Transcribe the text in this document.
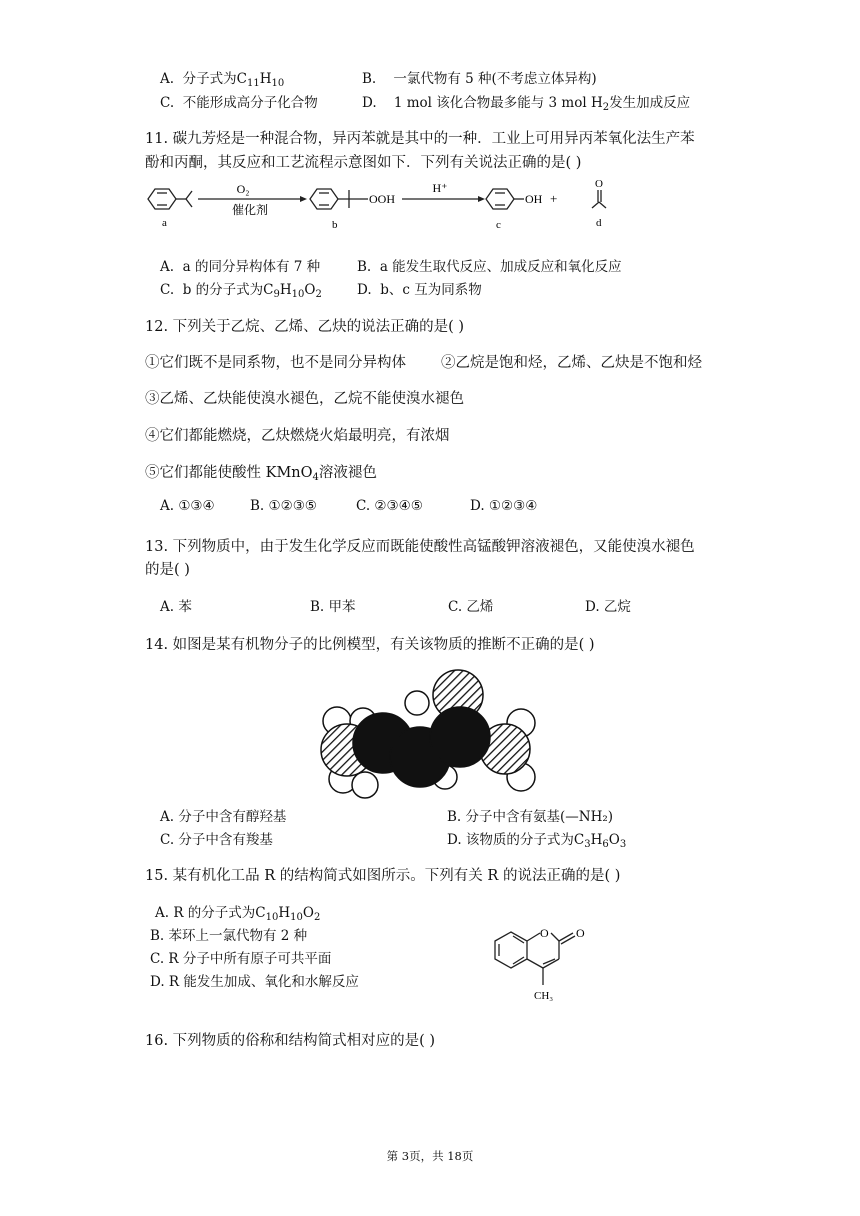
A. 分子式为$C_{11}H_{10}$	B. 一氯代物有 5 种(不考虑立体异构)
C. 不能形成高分子化合物	D. 1 mol 该化合物最多能与 3 mol $H_2$发生加成反应
11. 碳九芳烃是一种混合物，异丙苯就是其中的一种．工业上可用异丙苯氧化法生产苯
酚和丙酮，其反应和工艺流程示意图如下．下列有关说法正确的是( )
a
O₂
催化剂
OOH
b
H⁺
OH
c
+
O
d
A. a 的同分异构体有 7 种	B. a 能发生取代反应、加成反应和氧化反应
C. b 的分子式为$C_9H_{10}O_2$	D. b、c 互为同系物
12. 下列关于乙烷、乙烯、乙炔的说法正确的是( )
①它们既不是同系物，也不是同分异构体 ②乙烷是饱和烃，乙烯、乙炔是不饱和烃
③乙烯、乙炔能使溴水褪色，乙烷不能使溴水褪色
④它们都能燃烧，乙炔燃烧火焰最明亮，有浓烟
⑤它们都能使酸性 KMnO$_4$溶液褪色
A. ①③④	B. ①②③⑤	C. ②③④⑤	D. ①②③④
13. 下列物质中，由于发生化学反应而既能使酸性高锰酸钾溶液褪色，又能使溴水褪色
的是( )
A. 苯	B. 甲苯	C. 乙烯	D. 乙烷
14. 如图是某有机物分子的比例模型，有关该物质的推断不正确的是( )
A. 分子中含有醇羟基	B. 分子中含有氨基(—NH₂)
C. 分子中含有羧基	D. 该物质的分子式为$C_3H_6O_3$
15. 某有机化工品 R 的结构简式如图所示。下列有关 R 的说法正确的是( )
A. R 的分子式为$C_{10}H_{10}O_2$
B. 苯环上一氯代物有 2 种
C. R 分子中所有原子可共平面
D. R 能发生加成、氧化和水解反应
O O
CH₃
16. 下列物质的俗称和结构简式相对应的是( )
第 3页，共 18页
